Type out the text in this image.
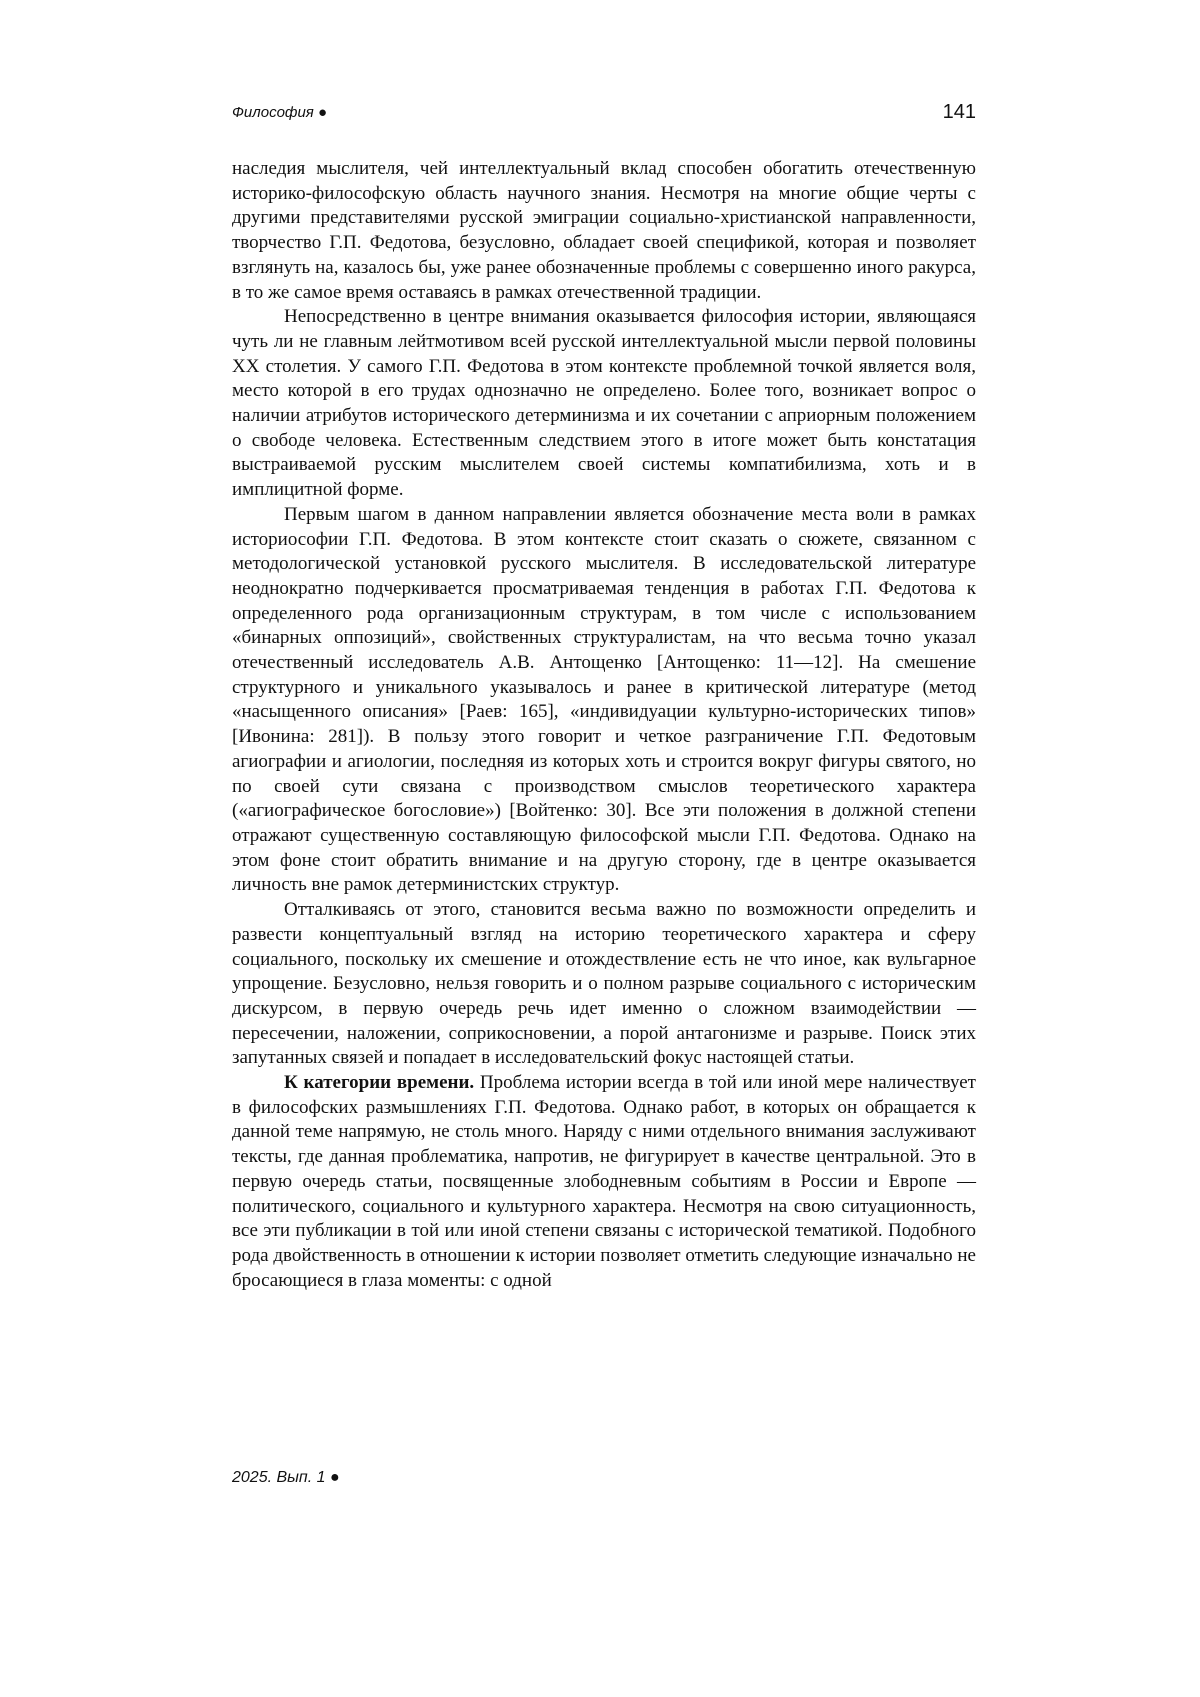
Философия ●	141

наследия мыслителя, чей интеллектуальный вклад способен обогатить отечественную историко-философскую область научного знания. Несмотря на многие общие черты с другими представителями русской эмиграции социально-христианской направленности, творчество Г.П. Федотова, безусловно, обладает своей спецификой, которая и позволяет взглянуть на, казалось бы, уже ранее обозначенные проблемы с совершенно иного ракурса, в то же самое время оставаясь в рамках отечественной традиции.

Непосредственно в центре внимания оказывается философия истории, являющаяся чуть ли не главным лейтмотивом всей русской интеллектуальной мысли первой половины XX столетия. У самого Г.П. Федотова в этом контексте проблемной точкой является воля, место которой в его трудах однозначно не определено. Более того, возникает вопрос о наличии атрибутов исторического детерминизма и их сочетании с априорным положением о свободе человека. Естественным следствием этого в итоге может быть констатация выстраиваемой русским мыслителем своей системы компатибилизма, хоть и в имплицитной форме.

Первым шагом в данном направлении является обозначение места воли в рамках историософии Г.П. Федотова. В этом контексте стоит сказать о сюжете, связанном с методологической установкой русского мыслителя. В исследовательской литературе неоднократно подчеркивается просматриваемая тенденция в работах Г.П. Федотова к определенного рода организационным структурам, в том числе с использованием «бинарных оппозиций», свойственных структуралистам, на что весьма точно указал отечественный исследователь А.В. Антощенко [Антощенко: 11—12]. На смешение структурного и уникального указывалось и ранее в критической литературе (метод «насыщенного описания» [Раев: 165], «индивидуации культурно-исторических типов» [Ивонина: 281]). В пользу этого говорит и четкое разграничение Г.П. Федотовым агиографии и агиологии, последняя из которых хоть и строится вокруг фигуры святого, но по своей сути связана с производством смыслов теоретического характера («агиографическое богословие») [Войтенко: 30]. Все эти положения в должной степени отражают существенную составляющую философской мысли Г.П. Федотова. Однако на этом фоне стоит обратить внимание и на другую сторону, где в центре оказывается личность вне рамок детерминистских структур.

Отталкиваясь от этого, становится весьма важно по возможности определить и развести концептуальный взгляд на историю теоретического характера и сферу социального, поскольку их смешение и отождествление есть не что иное, как вульгарное упрощение. Безусловно, нельзя говорить и о полном разрыве социального с историческим дискурсом, в первую очередь речь идет именно о сложном взаимодействии — пересечении, наложении, соприкосновении, а порой антагонизме и разрыве. Поиск этих запутанных связей и попадает в исследовательский фокус настоящей статьи.

К категории времени. Проблема истории всегда в той или иной мере наличествует в философских размышлениях Г.П. Федотова. Однако работ, в которых он обращается к данной теме напрямую, не столь много. Наряду с ними отдельного внимания заслуживают тексты, где данная проблематика, напротив, не фигурирует в качестве центральной. Это в первую очередь статьи, посвященные злободневным событиям в России и Европе — политического, социального и культурного характера. Несмотря на свою ситуационность, все эти публикации в той или иной степени связаны с исторической тематикой. Подобного рода двойственность в отношении к истории позволяет отметить следующие изначально не бросающиеся в глаза моменты: с одной

2025. Вып. 1 ●
